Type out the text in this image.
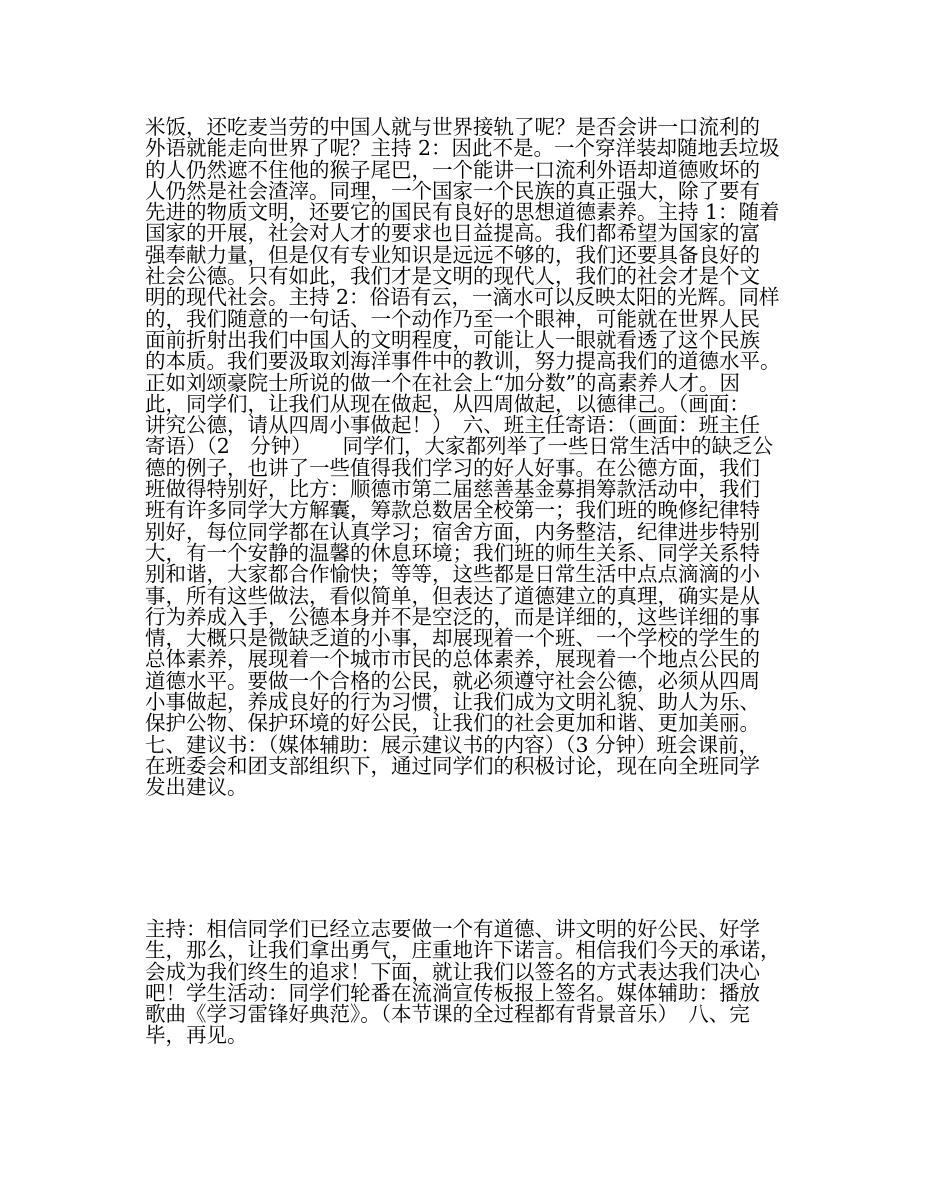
米饭，还吃麦当劳的中国人就与世界接轨了呢？是否会讲一口流利的
外语就能走向世界了呢？主持 2：因此不是。一个穿洋装却随地丢垃圾
的人仍然遮不住他的猴子尾巴，一个能讲一口流利外语却道德败坏的
人仍然是社会渣滓。同理，一个国家一个民族的真正强大，除了要有
先进的物质文明，还要它的国民有良好的思想道德素养。主持 1：随着
国家的开展，社会对人才的要求也日益提高。我们都希望为国家的富
强奉献力量，但是仅有专业知识是远远不够的，我们还要具备良好的
社会公德。只有如此，我们才是文明的现代人，我们的社会才是个文
明的现代社会。主持 2：俗语有云，一滴水可以反映太阳的光辉。同样
的，我们随意的一句话、一个动作乃至一个眼神，可能就在世界人民
面前折射出我们中国人的文明程度，可能让人一眼就看透了这个民族
的本质。我们要汲取刘海洋事件中的教训，努力提高我们的道德水平。
正如刘颂豪院士所说的做一个在社会上“加分数”的高素养人才。因
此，同学们，让我们从现在做起，从四周做起，以德律己。（画面：
讲究公德，请从四周小事做起！）　六、班主任寄语：（画面：班主任
寄语）（2　分钟）　　同学们，大家都列举了一些日常生活中的缺乏公
德的例子，也讲了一些值得我们学习的好人好事。在公德方面，我们
班做得特别好，比方：顺德市第二届慈善基金募捐筹款活动中，我们
班有许多同学大方解囊，筹款总数居全校第一；我们班的晚修纪律特
别好，每位同学都在认真学习；宿舍方面，内务整洁，纪律进步特别
大，有一个安静的温馨的休息环境；我们班的师生关系、同学关系特
别和谐，大家都合作愉快；等等，这些都是日常生活中点点滴滴的小
事，所有这些做法，看似简单，但表达了道德建立的真理，确实是从
行为养成入手，公德本身并不是空泛的，而是详细的，这些详细的事
情，大概只是微缺乏道的小事，却展现着一个班、一个学校的学生的
总体素养，展现着一个城市市民的总体素养，展现着一个地点公民的
道德水平。要做一个合格的公民，就必须遵守社会公德，必须从四周
小事做起，养成良好的行为习惯，让我们成为文明礼貌、助人为乐、
保护公物、保护环境的好公民，让我们的社会更加和谐、更加美丽。
七、建议书：（媒体辅助：展示建议书的内容）（3 分钟）班会课前，
在班委会和团支部组织下，通过同学们的积极讨论，现在向全班同学
发出建议。
主持：相信同学们已经立志要做一个有道德、讲文明的好公民、好学
生，那么，让我们拿出勇气，庄重地许下诺言。相信我们今天的承诺，
会成为我们终生的追求！下面，就让我们以签名的方式表达我们决心
吧！学生活动：同学们轮番在流淌宣传板报上签名。媒体辅助：播放
歌曲《学习雷锋好典范》。（本节课的全过程都有背景音乐）　八、完
毕，再见。
